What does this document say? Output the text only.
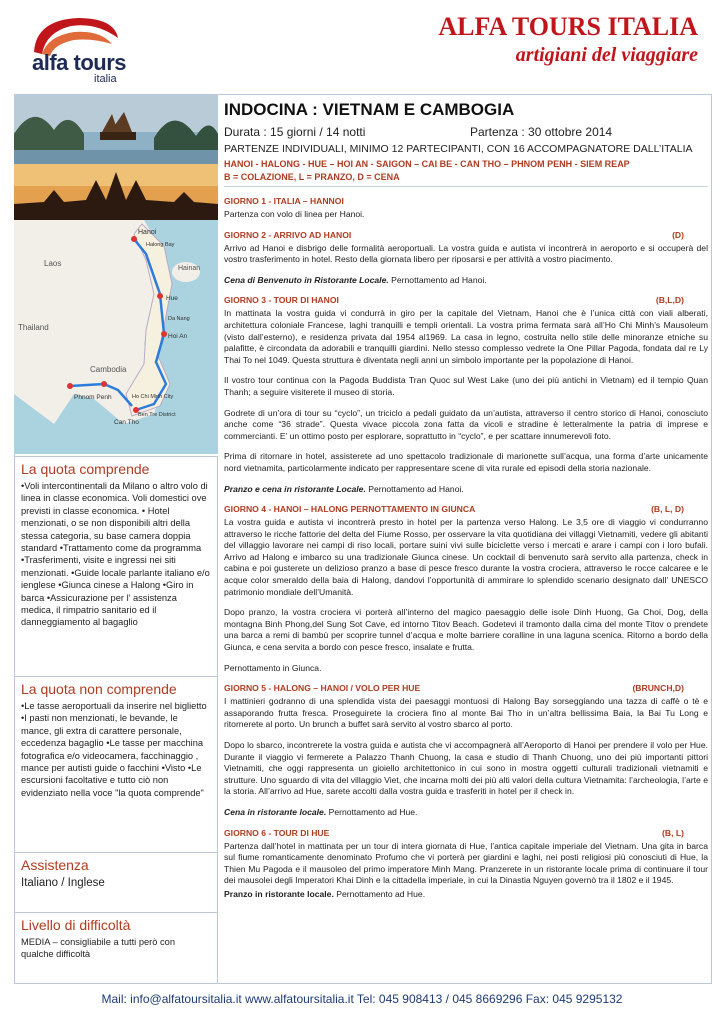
alfa tours
italia
ALFA TOURS ITALIA
artigiani del viaggiare
Laos
Hanoi
Hainan
Thailand
Cambodia
Phnom Penh
Hoi An
Hue
Can Tho
Ho Chi Minh City
Ben Tre District
Halong Bay
Da Nang
La quota comprende

•Voli intercontinentali da Milano o altro volo di linea in classe economica. Voli domestici ove previsti in classe economica. • Hotel menzionati, o se non disponibili altri della stessa categoria, su base camera doppia standard •Trattamento come da programma •Trasferimenti, visite e ingressi nei siti menzionati. •Guide locale parlante italiano e/o ienglese •Giunca cinese a Halong •Giro in barca •Assicurazione per l’ assistenza medica, il rimpatrio sanitario ed il danneggiamento al bagaglio

La quota non comprende

•Le tasse aeroportuali da inserire nel biglietto •I pasti non menzionati, le bevande, le mance, gli extra di carattere personale, eccedenza bagaglio •Le tasse per macchina fotografica e/o videocamera, facchinaggio , mance per autisti guide o facchini •Visto •Le escursioni facoltative e tutto ciò non evidenziato nella voce "la quota comprende"

Assistenza

Italiano / Inglese

Livello di difficoltà

MEDIA – consigliabile a tutti però con qualche difficoltà

INDOCINA : VIETNAM E CAMBOGIA
Durata : 15 giorni / 14 notti	Partenza : 30 ottobre 2014
PARTENZE INDIVIDUALI, MINIMO 12 PARTECIPANTI, CON 16 ACCOMPAGNATORE DALL’ITALIA
HANOI - HALONG - HUE – HOI AN - SAIGON – CAI BE - CAN THO – PHNOM PENH - SIEM REAP
B = COLAZIONE, L = PRANZO, D = CENA
GIORNO 1 - ITALIA – HANNOI
Partenza con volo di linea per Hanoi.
GIORNO 2 - ARRIVO AD HANOI	(D)
Arrivo ad Hanoi e disbrigo delle formalità aeroportuali. La vostra guida e autista vi incontrerà in aeroporto e si occuperà del vostro trasferimento in hotel. Resto della giornata libero per riposarsi e per attività a vostro piacimento.
Cena di Benvenuto in Ristorante Locale. Pernottamento ad Hanoi.
GIORNO 3 - TOUR DI HANOI	(B,L,D)
In mattinata la vostra guida vi condurrà in giro per la capitale del Vietnam, Hanoi che è l’unica città con viali alberati, architettura coloniale Francese, laghi tranquilli e templi orientali. La vostra prima fermata sarà all’Ho Chi Minh’s Mausoleum (visto dall’esterno), e residenza privata dal 1954 al1969. La casa in legno, costruita nello stile delle minoranze etniche su palafitte, è circondata da adorabili e tranquilli giardini. Nello stesso complesso vedrete la One Pillar Pagoda, fondata dal re Ly Thai To nel 1049. Questa struttura è diventata negli anni un simbolo importante per la popolazione di Hanoi.
Il vostro tour continua con la Pagoda Buddista Tran Quoc sul West Lake (uno dei più antichi in Vietnam) ed il tempio Quan Thanh; a seguire visiterete il museo di storia.
Godrete di un’ora di tour su “cyclo”, un triciclo a pedali guidato da un’autista, attraverso il centro storico di Hanoi, conosciuto anche come “36 strade”. Questa vivace piccola zona fatta da vicoli e stradine è letteralmente la patria di imprese e commercianti. E’ un ottimo posto per esplorare, soprattutto in “cyclo”, e per scattare innumerevoli foto.
Prima di ritornare in hotel, assisterete ad uno spettacolo tradizionale di marionette sull’acqua, una forma d’arte unicamente nord vietnamita, particolarmente indicato per rappresentare scene di vita rurale ed episodi della storia nazionale.
Pranzo e cena in ristorante Locale. Pernottamento ad Hanoi.
GIORNO 4 - HANOI – HALONG PERNOTTAMENTO IN GIUNCA	(B, L, D)
La vostra guida e autista vi incontrerà presto in hotel per la partenza verso Halong. Le 3,5 ore di viaggio vi condurranno attraverso le ricche fattorie del delta del Fiume Rosso, per osservare la vita quotidiana dei villaggi Vietnamiti, vedere gli abitanti del villaggio lavorare nei campi di riso locali, portare suini vivi sulle biciclette verso i mercati e arare i campi con i loro bufali. Arrivo ad Halong e imbarco su una tradizionale Giunca cinese. Un cocktail di benvenuto sarà servito alla partenza, check in cabina e poi gusterete un delizioso pranzo a base di pesce fresco durante la vostra crociera, attraverso le rocce calcaree e le acque color smeraldo della baia di Halong, dandovi l’opportunità di ammirare lo splendido scenario designato dall’ UNESCO patrimonio mondiale dell’Umanità.
Dopo pranzo, la vostra crociera vi porterà all’interno del magico paesaggio delle isole Dinh Huong, Ga Choi, Dog, della montagna Binh Phong,del Sung Sot Cave, ed intorno Titov Beach. Godetevi il tramonto dalla cima del monte Titov o prendete una barca a remi di bambù per scoprire tunnel d’acqua e molte barriere coralline in una laguna scenica. Ritorno a bordo della Giunca, e cena servita a bordo con pesce fresco, insalate e frutta.
Pernottamento in Giunca.
GIORNO 5 - HALONG – HANOI / VOLO PER HUE	(BRUNCH,D)
I mattinieri godranno di una splendida vista dei paesaggi montuosi di Halong Bay sorseggiando una tazza di caffè o tè e assaporando frutta fresca. Proseguirete la crociera fino al monte Bai Tho in un’altra bellissima Baia, la Bai Tu Long e ritornerete al porto. Un brunch a buffet sarà servito al vostro sbarco al porto.
Dopo lo sbarco, incontrerete la vostra guida e autista che vi accompagnerà all’Aeroporto di Hanoi per prendere il volo per Hue. Durante il viaggio vi fermerete a Palazzo Thanh Chuong, la casa e studio di Thanh Chuong, uno dei più importanti pittori Vietnamiti, che oggi rappresenta un gioiello architettonico in cui sono in mostra oggetti culturali tradizionali vietnamiti e strutture. Uno sguardo di vita del villaggio Viet, che incarna molti dei più alti valori della cultura Vietnamita: l’archeologia, l’arte e la storia. All’arrivo ad Hue, sarete accolti dalla vostra guida e trasferiti in hotel per il check in.
Cena in ristorante locale. Pernottamento ad Hue.
GIORNO 6 - TOUR DI HUE	(B, L)
Partenza dall’hotel in mattinata per un tour di intera giornata di Hue, l’antica capitale imperiale del Vietnam. Una gita in barca sul fiume romanticamente denominato Profumo che vi porterà per giardini e laghi, nei posti religiosi più conosciuti di Hue, la Thien Mu Pagoda e il mausoleo del primo imperatore Minh Mang. Pranzerete in un ristorante locale prima di continuare il tour dei mausolei degli Imperatori Khai Dinh e la cittadella imperiale, in cui la Dinastia Nguyen governò tra il 1802 e il 1945.
Pranzo in ristorante locale. Pernottamento ad Hue.
Mail: info@alfatoursitalia.it www.alfatoursitalia.it Tel: 045 908413 / 045 8669296 Fax: 045 9295132
